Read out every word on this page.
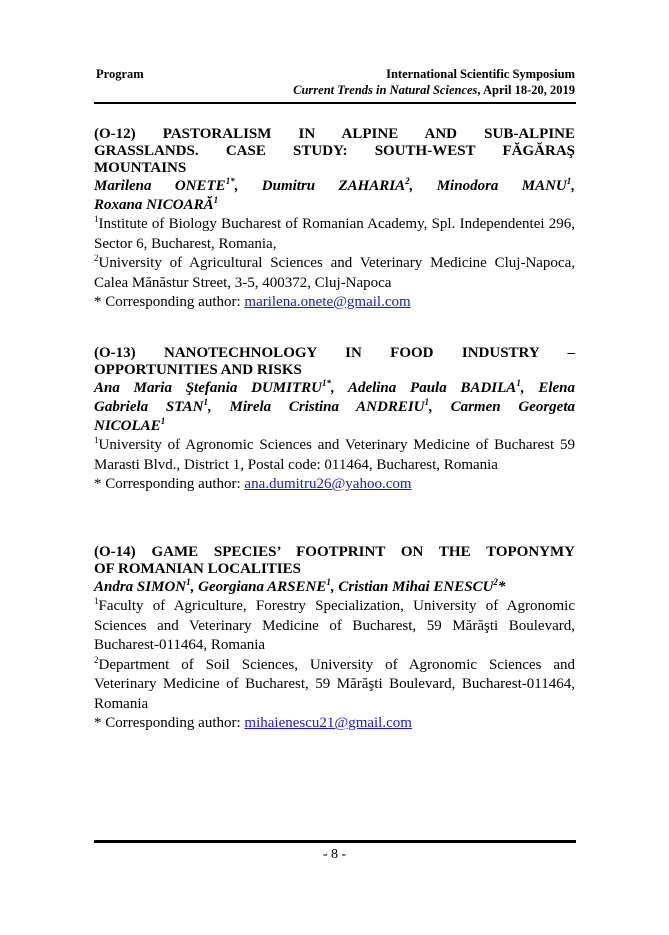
Program	International Scientific Symposium
Current Trends in Natural Sciences, April 18-20, 2019
(O-12) PASTORALISM IN ALPINE AND SUB-ALPINE
GRASSLANDS. CASE STUDY: SOUTH-WEST FĂGĂRAŞ
MOUNTAINS
Marilena $ONETE^{1*}$, Dumitru ZAHARIA$^2$, Minodora MANU$^1$,
Roxana NICOARĂ$^1$
$^1$Institute of Biology Bucharest of Romanian Academy, Spl. Independentei 296, Sector 6, Bucharest, Romania,
$^2$University of Agricultural Sciences and Veterinary Medicine Cluj-Napoca, Calea Mănăstur Street, 3-5, 400372, Cluj-Napoca
* Corresponding author: marilena.onete@gmail.com
(O-13) NANOTECHNOLOGY IN FOOD INDUSTRY –
OPPORTUNITIES AND RISKS
Ana Maria Ştefania $DUMITRU^{1*}$, Adelina Paula BADILA$^1$, Elena
Gabriela STAN$^1$, Mirela Cristina ANDREIU$^1$, Carmen Georgeta
NICOLAE$^1$
$^1$University of Agronomic Sciences and Veterinary Medicine of Bucharest 59 Marasti Blvd., District 1, Postal code: 011464, Bucharest, Romania
* Corresponding author: ana.dumitru26@yahoo.com
(O-14) GAME SPECIES’ FOOTPRINT ON THE TOPONYMY
OF ROMANIAN LOCALITIES
Andra SIMON$^1$, Georgiana ARSENE$^1$, Cristian Mihai ENESCU$^2$*
$^1$Faculty of Agriculture, Forestry Specialization, University of Agronomic Sciences and Veterinary Medicine of Bucharest, 59 Mărăşti Boulevard, Bucharest-011464, Romania
$^2$Department of Soil Sciences, University of Agronomic Sciences and Veterinary Medicine of Bucharest, 59 Mărăşti Boulevard, Bucharest-011464, Romania
* Corresponding author: mihaienescu21@gmail.com
- 8 -
